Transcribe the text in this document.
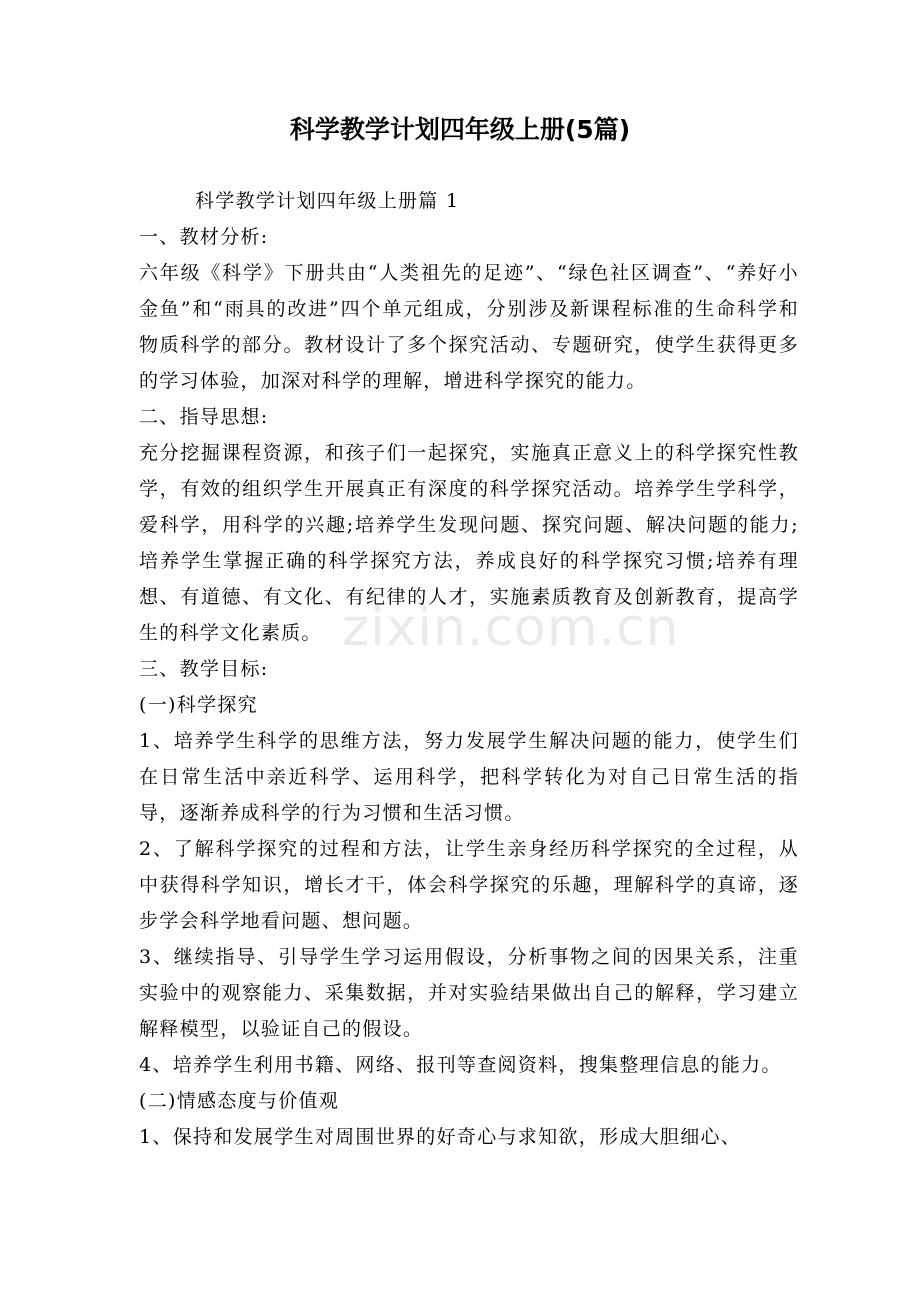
科学教学计划四年级上册(5篇)

科学教学计划四年级上册篇 1

一、教材分析:

六年级《科学》下册共由“人类祖先的足迹”、“绿色社区调查”、“养好小金鱼”和“雨具的改进”四个单元组成，分别涉及新课程标准的生命科学和物质科学的部分。教材设计了多个探究活动、专题研究，使学生获得更多的学习体验，加深对科学的理解，增进科学探究的能力。

二、指导思想:

充分挖掘课程资源，和孩子们一起探究，实施真正意义上的科学探究性教学，有效的组织学生开展真正有深度的科学探究活动。培养学生学科学，爱科学，用科学的兴趣;培养学生发现问题、探究问题、解决问题的能力;培养学生掌握正确的科学探究方法，养成良好的科学探究习惯;培养有理想、有道德、有文化、有纪律的人才，实施素质教育及创新教育，提高学生的科学文化素质。

三、教学目标:

(一)科学探究

1、培养学生科学的思维方法，努力发展学生解决问题的能力，使学生们在日常生活中亲近科学、运用科学，把科学转化为对自己日常生活的指导，逐渐养成科学的行为习惯和生活习惯。

2、了解科学探究的过程和方法，让学生亲身经历科学探究的全过程，从中获得科学知识，增长才干，体会科学探究的乐趣，理解科学的真谛，逐步学会科学地看问题、想问题。

3、继续指导、引导学生学习运用假设，分析事物之间的因果关系，注重实验中的观察能力、采集数据，并对实验结果做出自己的解释，学习建立解释模型，以验证自己的假设。

4、培养学生利用书籍、网络、报刊等查阅资料，搜集整理信息的能力。

(二)情感态度与价值观

1、保持和发展学生对周围世界的好奇心与求知欲，形成大胆细心、

zixin.com.cn
